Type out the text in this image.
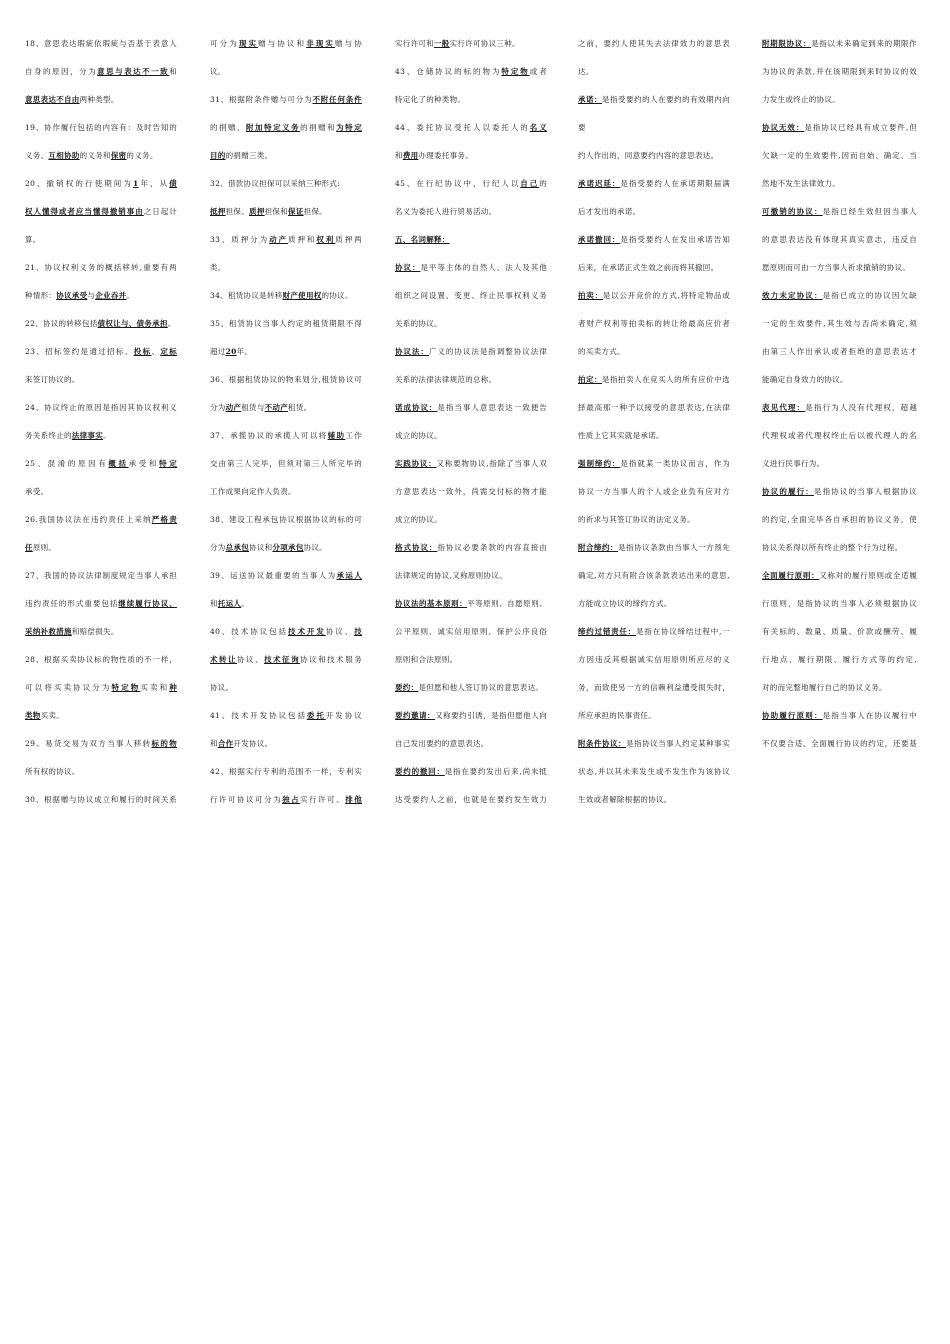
18、意思表达瑕疵依瑕疵与否基于表意人

自身的原因，分为意思与表达不一致和

意思表达不自由两种类型。

19、协作履行包括的内容有：及时告知的

义务、互相协助的义务和保密的义务。

20、撤销权的行使期间为1年，从债

权人懂得或者应当懂得撤销事由之日起计

算。

21、协议权利义务的概括移转,重要有两

种情形：协议承受与企业吞并。

22、协议的转移包括债权让与、债务承担。

23、招标签约是通过招标、投标、定标

来签订协议的。

24、协议终止的原因是指因其协议权利义

务关系终止的法律事实。

25、混淆的原因有概括承受和特定

承受。

26.我国协议法在违约责任上采纳严格责

任原则。

27、我国的协议法律制度规定当事人承担

违约责任的形式重要包括继续履行协议、

采纳补救措施和赔偿损失。

28、根据买卖协议标的物性质的不一样，

可以将买卖协议分为特定物买卖和种

类物买卖。

29、易货交易为双方当事人移转标的物

所有权的协议。

30、根据赠与协议成立和履行的时间关系

可分为现实赠与协议和非现实赠与协

议。

31、根据附条件赠与可分为不附任何条件

的捐赠、附加特定义务的捐赠和为特定

目的的捐赠三类。

32、借款协议担保可以采纳三种形式:

抵押担保、质押担保和保证担保。

33、质押分为动产质押和权利质押两

类。

34、租赁协议是转移财产使用权的协议。

35、租赁协议当事人约定的租赁期限不得

超过20年。

36、根据租赁协议的物来划分,租赁协议可

分为动产租赁与不动产租赁。

37、承揽协议的承揽人可以将辅助工作

交由第三人完毕，但须对第三人所完毕的

工作成果向定作人负责。

38、建设工程承包协议根据协议的标的可

分为总承包协议和分项承包协议。

39、运送协议最重要的当事人为承运人

和托运人。

40、技术协议包括技术开发协议、技

术转让协议、技术征询协议和技术服务

协议。

41、技术开发协议包括委托开发协议

和合作开发协议。

42、根据实行专利的范围不一样，专利实

行许可协议可分为独占实行许可、排他

实行许可和一般实行许可协议三种。

43、仓储协议的标的物为特定物或者

特定化了的种类物。

44、委托协议受托人以委托人的名义

和费用办理委托事务。

45、在行纪协议中，行纪人以自己的

名义为委托人进行贸易活动。

五、名词解释：

协议：是平等主体的自然人、法人及其他

组织之间设置、变更、终止民事权利义务

关系的协议。

协议法：广义的协议法是指调整协议法律

关系的法律法律规范的总称。

诺成协议：是指当事人意思表达一致便告

成立的协议。

实践协议：又称要物协议,指除了当事人双

方意思表达一致外，尚需交付标的物才能

成立的协议。

格式协议：指协议必要条款的内容直接由

法律规定的协议,又称原则协议。

协议法的基本原则：平等原则、自愿原则、

公平原则、诚实信用原则、保护公序良俗

原则和合法原则。

要约：是但愿和他人签订协议的意思表达。

要约邀请：又称要约引诱，是指但愿他人向

自己发出要约的意思表达。

要约的撤回：是指在要约发出后来,尚未抵

达受要约人之前，也就是在要约发生效力

之前，要约人使其失去法律效力的意思表

达。

承诺：是指受要约的人在要约的有效期内向要

约人作出的，同意要约内容的意思表达。

承诺迟延：是指受要约人在承诺期限届满

后才发出的承诺。

承诺撤回：是指受要约人在发出承诺告知

后来，在承诺正式生效之前而将其撤回。

拍卖：是以公开竞价的方式,将特定物品或

者财产权利等拍卖标的转让给最高应价者

的买卖方式。

拍定：是指拍卖人在竞买人的所有应价中选

择最高那一种予以接受的意思表达,在法律

性质上它其实就是承诺。

强制缔约：是指就某一类协议而言，作为

协议一方当事人的个人或企业负有应对方

的祈求与其签订协议的法定义务。

附合缔约：是指协议条款由当事人一方预先

确定,对方只有附合该条款表达出来的意思,

方能成立协议的缔约方式。

缔约过错责任：是指在协议缔结过程中,一

方因违反其根据诚实信用原则所应尽的义

务，而致使另一方的信赖利益遭受损失时，

所应承担的民事责任。

附条件协议：是指协议当事人约定某种事实

状态,并以其未来发生或不发生作为该协议

生效或者解除根据的协议。

附期限协议：是指以未来确定到来的期限作

为协议的条款,并在该期限到来时协议的效

力发生或终止的协议。

协议无效：是指协议已经具有成立要件,但

欠缺一定的生效要件,因而自始、确定、当

然地不发生法律效力。

可撤销的协议：是指已经生效但因当事人

的意思表达没有体现其真实意志，违反自

愿原则而可由一方当事人祈求撤销的协议。

效力未定协议：是指已成立的协议因欠缺

一定的生效要件,其生效与否尚未确定,须

由第三人作出承认或者拒绝的意思表达才

能确定自身效力的协议。

表见代理：是指行为人没有代理权，超越

代理权或者代理权终止后以被代理人的名

义进行民事行为。

协议的履行：是指协议的当事人根据协议

的约定,全面完毕各自承担的协议义务，使

协议关系得以所有终止的整个行为过程。

全面履行原则：又称对的履行原则或全适履

行原则，是指协议的当事人必须根据协议

有关标的、数量、质量、价款或酬劳、履

行地点、履行期限、履行方式等的约定,

对的而完整地履行自己的协议义务。

协助履行原则：是指当事人在协议履行中

不仅要合适、全面履行协议的约定，还要基
